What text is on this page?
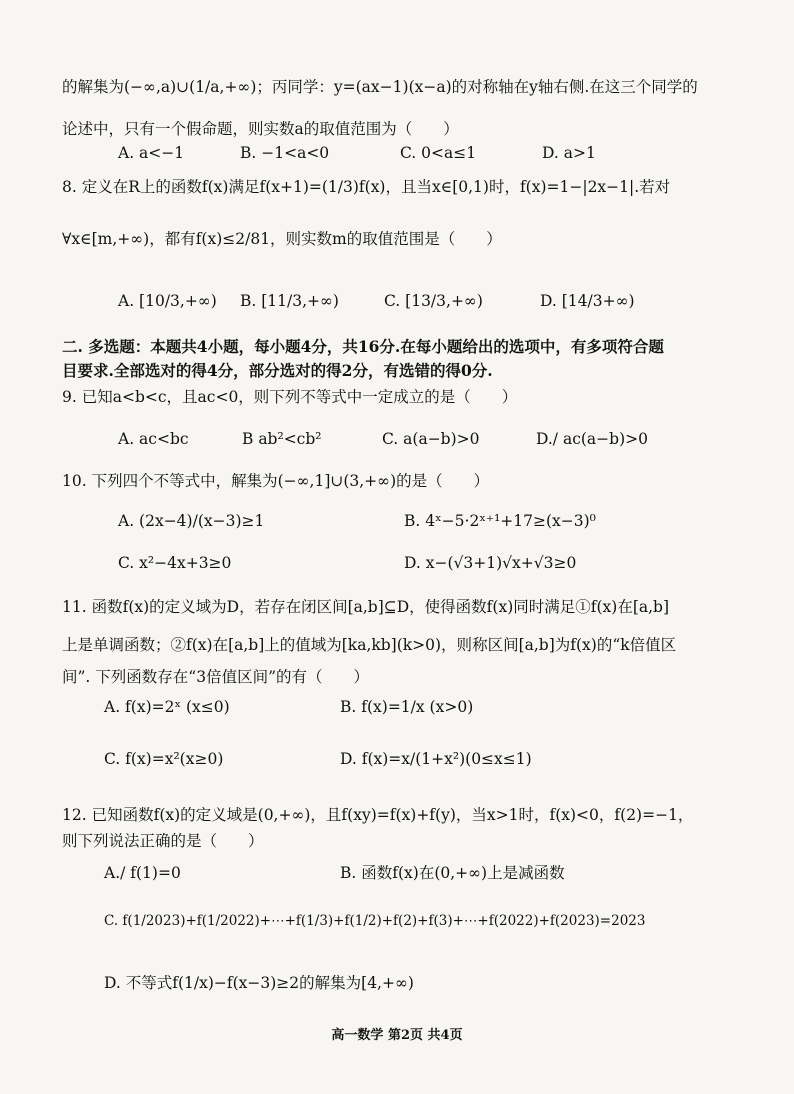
的解集为(−∞,a)∪(1/a,+∞)；丙同学：y=(ax−1)(x−a)的对称轴在y轴右侧.在这三个同学的
论述中，只有一个假命题，则实数a的取值范围为（　　）
A. a<−1	B. −1<a<0	C. 0<a≤1	D. a>1
8. 定义在R上的函数f(x)满足f(x+1)=(1/3)f(x)，且当x∈[0,1)时，f(x)=1−|2x−1|.若对
∀x∈[m,+∞)，都有f(x)≤2/81，则实数m的取值范围是（　　）
A. [10/3,+∞) B. [11/3,+∞)	C. [13/3,+∞)	D. [14/3+∞)
二. 多选题：本题共4小题，每小题4分，共16分.在每小题给出的选项中，有多项符合题
目要求.全部选对的得4分，部分选对的得2分，有选错的得0分.
9. 已知a<b<c，且ac<0，则下列不等式中一定成立的是（　　）
A. ac<bc	B ab²<cb²	C. a(a−b)>0	D./ ac(a−b)>0
10. 下列四个不等式中，解集为(−∞,1]∪(3,+∞)的是（　　）
A. (2x−4)/(x−3)≥1	B. 4ˣ−5·2ˣ⁺¹+17≥(x−3)⁰
C. x²−4x+3≥0	D. x−(√3+1)√x+√3≥0
11. 函数f(x)的定义域为D，若存在闭区间[a,b]⊆D，使得函数f(x)同时满足①f(x)在[a,b]
上是单调函数；②f(x)在[a,b]上的值域为[ka,kb](k>0)，则称区间[a,b]为f(x)的“k倍值区
间”. 下列函数存在“3倍值区间”的有（　　）
A. f(x)=2ˣ (x≤0)	B. f(x)=1/x (x>0)
C. f(x)=x²(x≥0)	D. f(x)=x/(1+x²)(0≤x≤1)
12. 已知函数f(x)的定义域是(0,+∞)，且f(xy)=f(x)+f(y)，当x>1时，f(x)<0，f(2)=−1，
则下列说法正确的是（　　）
A./ f(1)=0	B. 函数f(x)在(0,+∞)上是减函数
C. f(1/2023)+f(1/2022)+⋯+f(1/3)+f(1/2)+f(2)+f(3)+⋯+f(2022)+f(2023)=2023
D. 不等式f(1/x)−f(x−3)≥2的解集为[4,+∞)
高一数学 第2页 共4页
